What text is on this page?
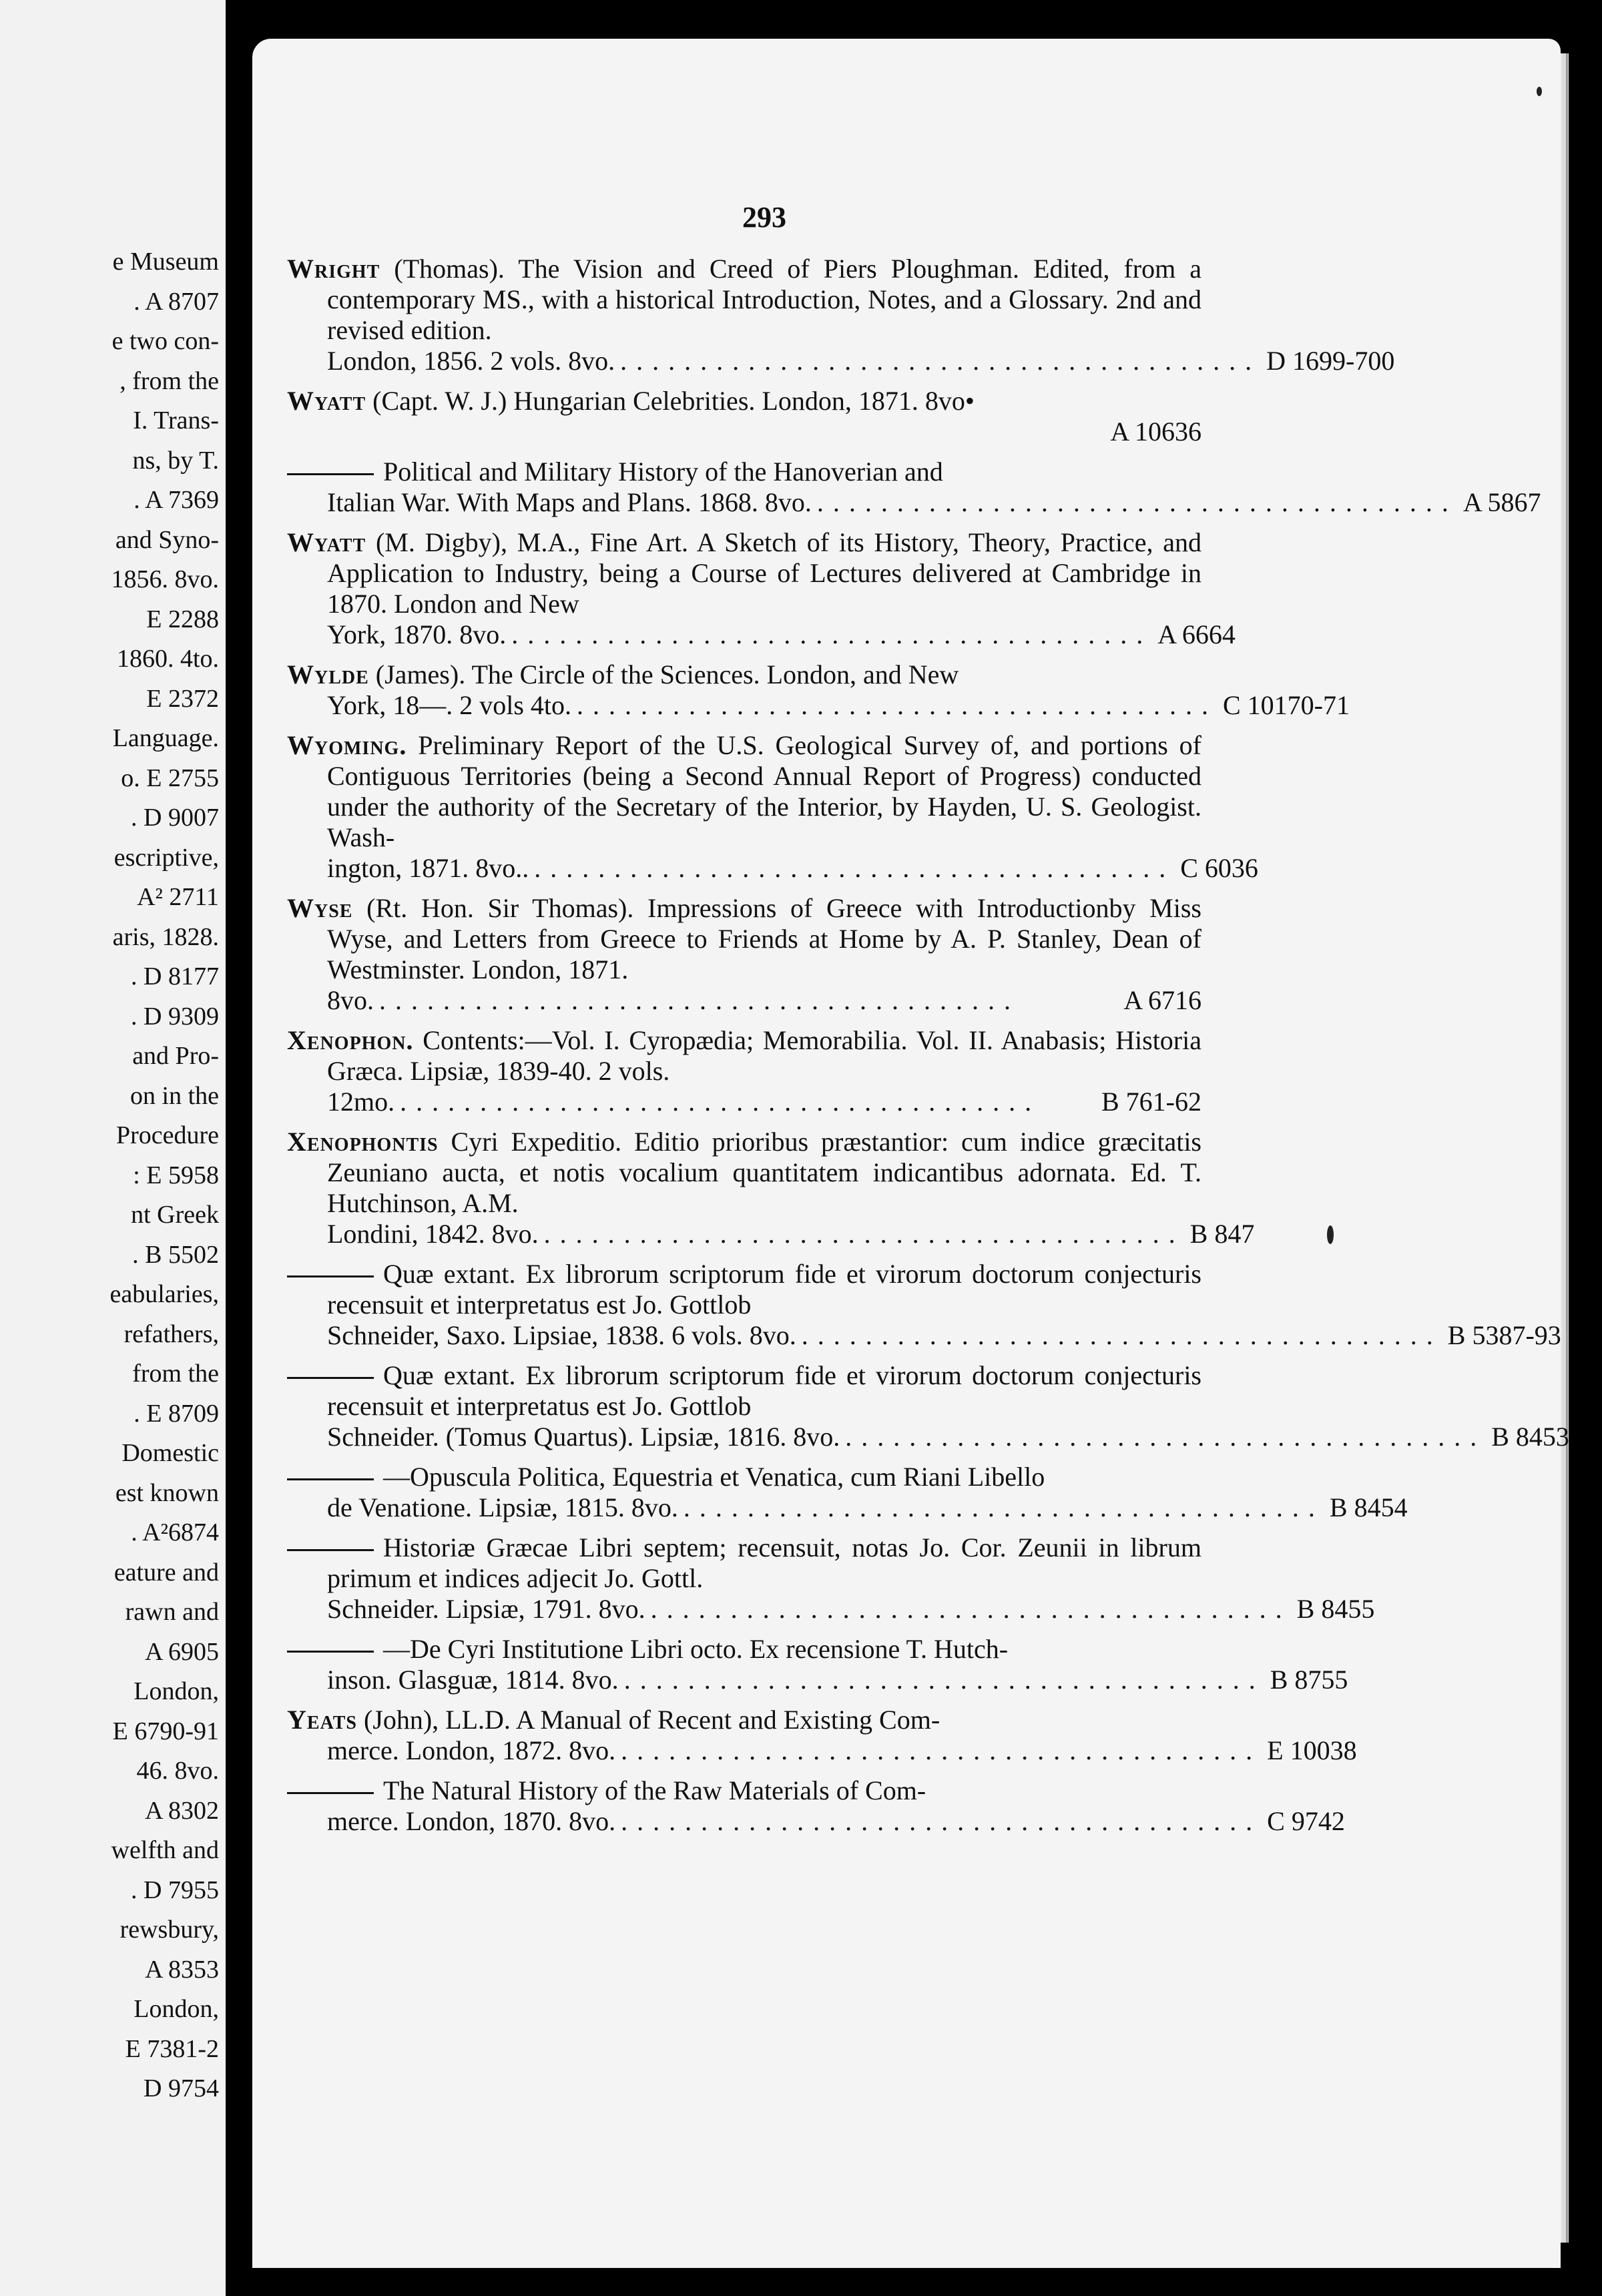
e Museum
. A 8707
e two con-
, from the
I. Trans-
ns, by T.
. A 7369
and Syno-
1856. 8vo.
E 2288
1860. 4to.
E 2372
Language.
o. E 2755
. D 9007
escriptive,
A² 2711
aris, 1828.
. D 8177
. D 9309
and Pro-
on in the
Procedure
: E 5958
nt Greek
. B 5502
eabularies,
refathers,
from the
. E 8709
Domestic
est known
. A²6874
eature and
rawn and
A 6905
London,
E 6790-91
46. 8vo.
A 8302
welfth and
. D 7955
rewsbury,
A 8353
London,
E 7381-2
D 9754
293
Wright (Thomas). The Vision and Creed of Piers Ploughman. Edited, from a contemporary MS., with a historical Introduction, Notes, and a Glossary. 2nd and revised edition.
London, 1856. 2 vols. 8vo. ........................................ D 1699-700
Wyatt (Capt. W. J.) Hungarian Celebrities. London, 1871. 8vo•
A 10636
Political and Military History of the Hanoverian and
Italian War. With Maps and Plans. 1868. 8vo. ........................................ A 5867
Wyatt (M. Digby), M.A., Fine Art. A Sketch of its History, Theory, Practice, and Application to Industry, being a Course of Lectures delivered at Cambridge in 1870. London and New
York, 1870. 8vo. ........................................ A 6664
Wylde (James). The Circle of the Sciences. London, and New
York, 18—. 2 vols 4to. ........................................ C 10170-71
Wyoming. Preliminary Report of the U.S. Geological Survey of, and portions of Contiguous Territories (being a Second Annual Report of Progress) conducted under the authority of the Secretary of the Interior, by Hayden, U. S. Geologist. Wash-
ington, 1871. 8vo.. ........................................ C 6036
Wyse (Rt. Hon. Sir Thomas). Impressions of Greece with Introductionby Miss Wyse, and Letters from Greece to Friends at Home by A. P. Stanley, Dean of Westminster. London, 1871.
8vo. ........................................	A 6716
Xenophon. Contents:—Vol. I. Cyropædia; Memorabilia. Vol. II. Anabasis; Historia Græca. Lipsiæ, 1839-40. 2 vols.
12mo. ........................................	B 761-62
Xenophontis Cyri Expeditio. Editio prioribus præstantior: cum indice græcitatis Zeuniano aucta, et notis vocalium quantitatem indicantibus adornata. Ed. T. Hutchinson, A.M.
Londini, 1842. 8vo. ........................................ B 847
Quæ extant. Ex librorum scriptorum fide et virorum doctorum conjecturis recensuit et interpretatus est Jo. Gottlob
Schneider, Saxo. Lipsiae, 1838. 6 vols. 8vo. ........................................ B 5387-93
Quæ extant. Ex librorum scriptorum fide et virorum doctorum conjecturis recensuit et interpretatus est Jo. Gottlob
Schneider. (Tomus Quartus). Lipsiæ, 1816. 8vo. ........................................ B 8453
—Opuscula Politica, Equestria et Venatica, cum Riani Libello
de Venatione. Lipsiæ, 1815. 8vo. ........................................ B 8454
Historiæ Græcae Libri septem; recensuit, notas Jo. Cor. Zeunii in librum primum et indices adjecit Jo. Gottl.
Schneider. Lipsiæ, 1791. 8vo. ........................................ B 8455
—De Cyri Institutione Libri octo. Ex recensione T. Hutch-
inson. Glasguæ, 1814. 8vo. ........................................ B 8755
Yeats (John), LL.D. A Manual of Recent and Existing Com-
merce. London, 1872. 8vo. ........................................ E 10038
The Natural History of the Raw Materials of Com-
merce. London, 1870. 8vo. ........................................ C 9742
